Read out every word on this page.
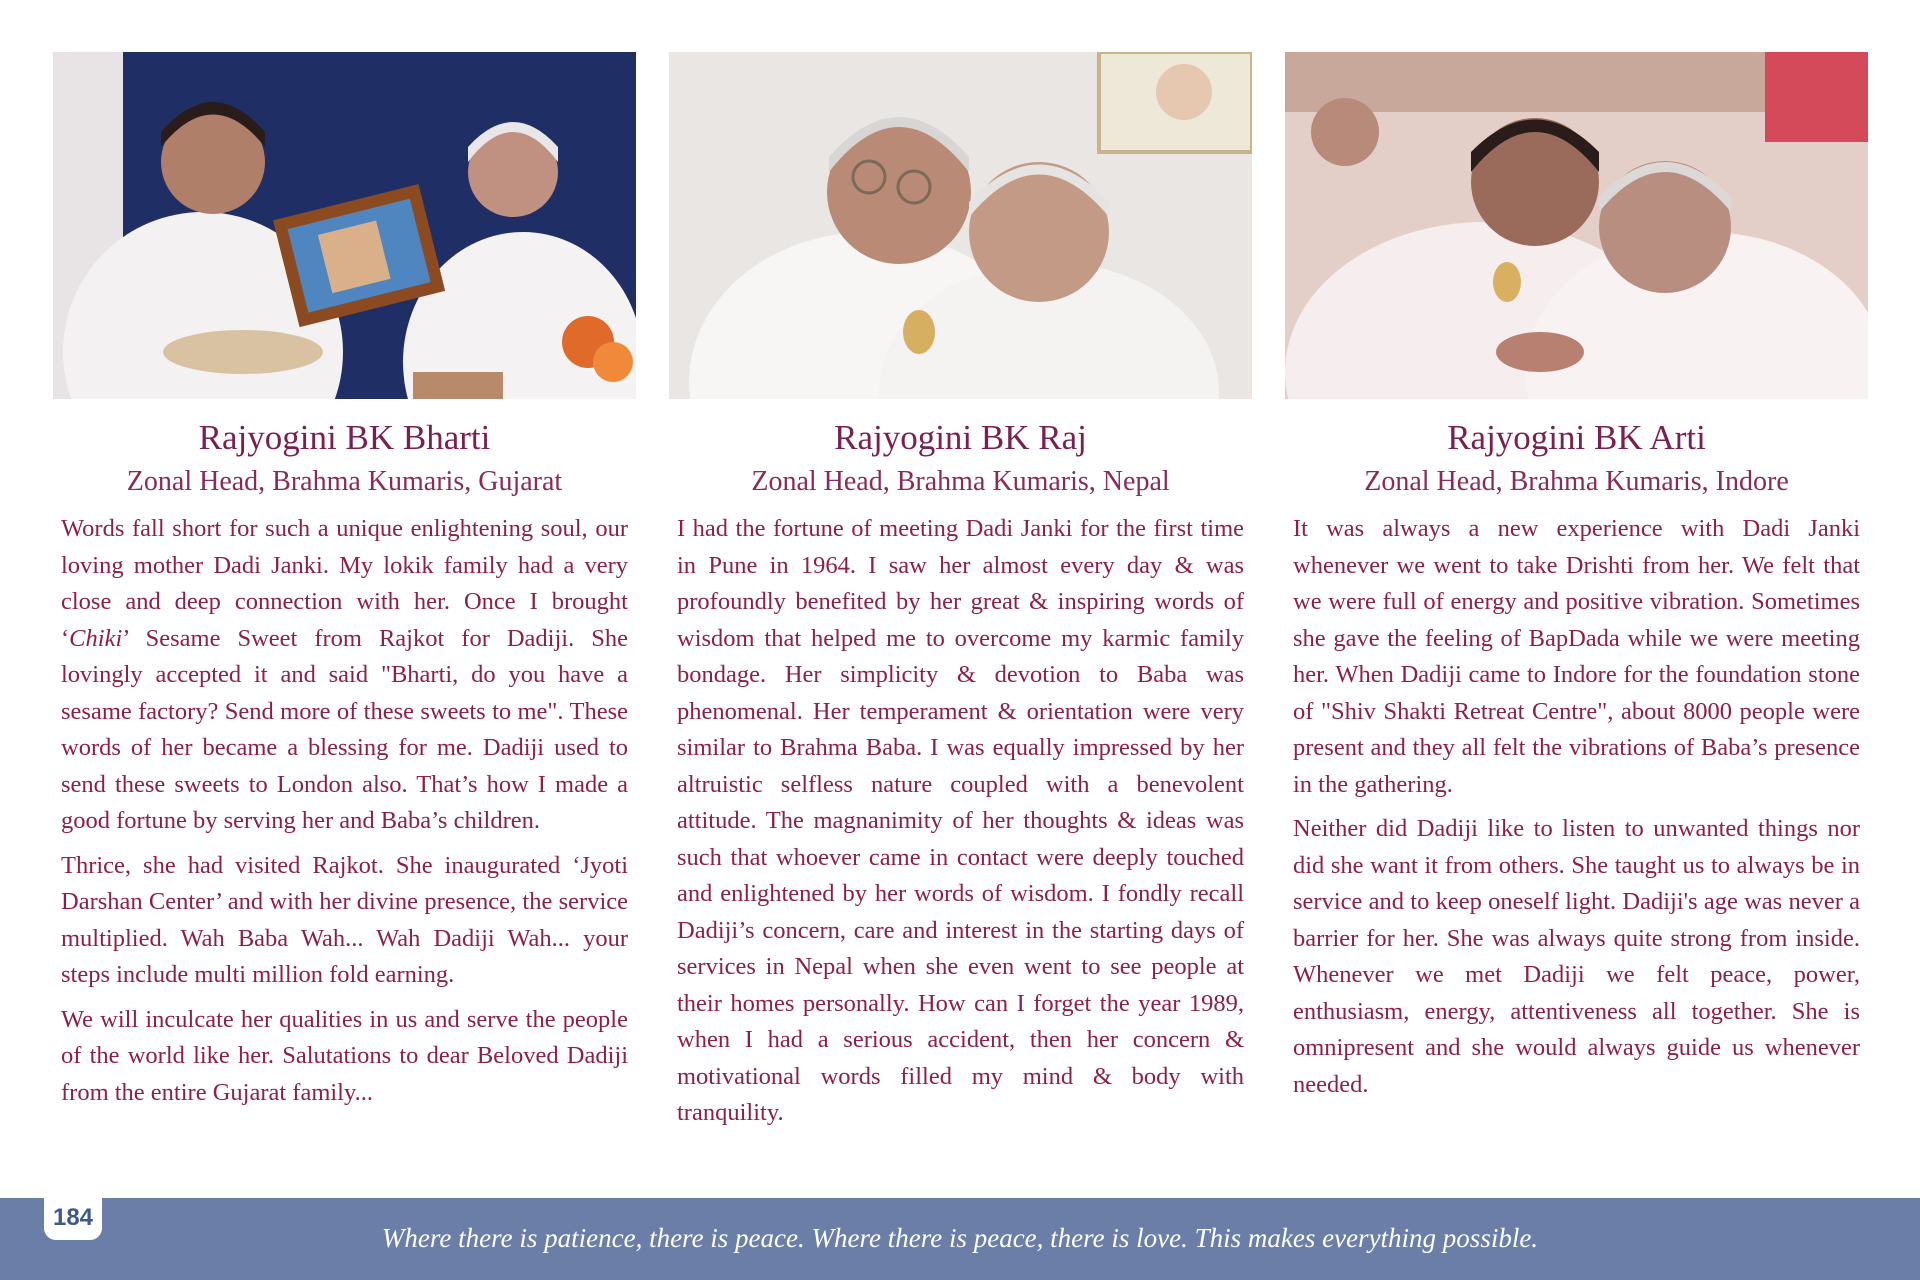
Rajyogini BK Bharti
Zonal Head, Brahma Kumaris, Gujarat

Words fall short for such a unique enlightening soul, our loving mother Dadi Janki. My lokik family had a very close and deep connection with her. Once I brought ‘Chiki’ Sesame Sweet from Rajkot for Dadiji. She lovingly accepted it and said "Bharti, do you have a sesame factory? Send more of these sweets to me". These words of her became a blessing for me. Dadiji used to send these sweets to London also. That’s how I made a good fortune by serving her and Baba’s children.

Thrice, she had visited Rajkot. She inaugurated ‘Jyoti Darshan Center’ and with her divine presence, the service multiplied. Wah Baba Wah... Wah Dadiji Wah... your steps include multi million fold earning.

We will inculcate her qualities in us and serve the people of the world like her. Salutations to dear Beloved Dadiji from the entire Gujarat family...

Rajyogini BK Raj
Zonal Head, Brahma Kumaris, Nepal

I had the fortune of meeting Dadi Janki for the first time in Pune in 1964. I saw her almost every day & was profoundly benefited by her great & inspiring words of wisdom that helped me to overcome my karmic family bondage. Her simplicity & devotion to Baba was phenomenal. Her temperament & orientation were very similar to Brahma Baba. I was equally impressed by her altruistic selfless nature coupled with a benevolent attitude. The magnanimity of her thoughts & ideas was such that whoever came in contact were deeply touched and enlightened by her words of wisdom. I fondly recall Dadiji’s concern, care and interest in the starting days of services in Nepal when she even went to see people at their homes personally. How can I forget the year 1989, when I had a serious accident, then her concern & motivational words filled my mind & body with tranquility.

Rajyogini BK Arti
Zonal Head, Brahma Kumaris, Indore

It was always a new experience with Dadi Janki whenever we went to take Drishti from her. We felt that we were full of energy and positive vibration. Sometimes she gave the feeling of BapDada while we were meeting her. When Dadiji came to Indore for the foundation stone of "Shiv Shakti Retreat Centre", about 8000 people were present and they all felt the vibrations of Baba’s presence in the gathering.

Neither did Dadiji like to listen to unwanted things nor did she want it from others. She taught us to always be in service and to keep oneself light. Dadiji's age was never a barrier for her. She was always quite strong from inside. Whenever we met Dadiji we felt peace, power, enthusiasm, energy, attentiveness all together. She is omnipresent and she would always guide us whenever needed.

Where there is patience, there is peace. Where there is peace, there is love. This makes everything possible.
184
